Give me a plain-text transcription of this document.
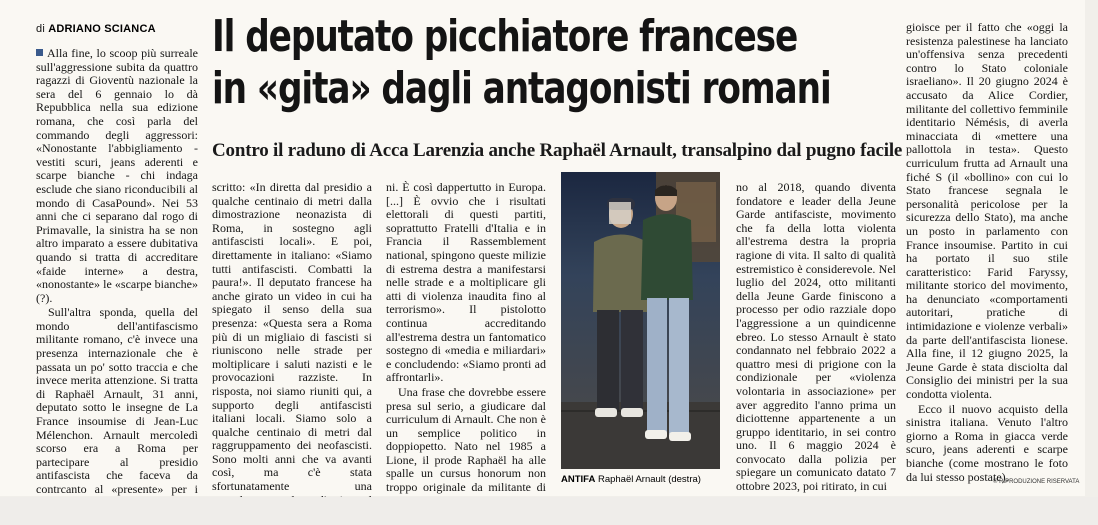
di ADRIANO SCIANCA Il deputato picchiatore francese
in «gita» dagli antagonisti romani
Contro il raduno di Acca Larenzia anche Raphaël Arnault, transalpino dal pugno facile

Alla fine, lo scoop più surreale sull'aggressione subita da quattro ragazzi di Gioventù nazionale la sera del 6 gennaio lo dà Repubblica nella sua edizione romana, che così parla del commando degli aggressori: «Nonostante l'abbigliamento - vestiti scuri, jeans aderenti e scarpe bianche - chi indaga esclude che siano riconducibili al mondo di CasaPound». Nei 53 anni che ci separano dal rogo di Primavalle, la sinistra ha se non altro imparato a essere dubitativa quando si tratta di accreditare «faide interne» a destra, «nonostante» le «scarpe bianche» (?).

Sull'altra sponda, quella del mondo dell'antifascismo militante romano, c'è invece una presenza internazionale che è passata un po' sotto traccia e che invece merita attenzione. Si tratta di Raphaël Arnault, 31 anni, deputato sotto le insegne de La France insoumise di Jean-Luc Mélenchon. Arnault mercoledì scorso era a Roma per partecipare al presidio antifascista che faceva da contrcanto al «presente» per i

scritto: «In diretta dal presidio a qualche centinaio di metri dalla dimostrazione neonazista di Roma, in sostegno agli antifascisti locali». E poi, direttamente in italiano: «Siamo tutti antifascisti. Combatti la paura!». Il deputato francese ha anche girato un video in cui ha spiegato il senso della sua presenza: «Questa sera a Roma più di un migliaio di fascisti si riuniscono nelle strade per moltiplicare i saluti nazisti e le provocazioni razziste. In risposta, noi siamo riuniti qui, a supporto degli antifascisti italiani locali. Siamo solo a qualche centinaio di metri dal raggruppamento dei neofascisti. Sono molti anni che va avanti così, ma c'è stata sfortunatamente una

ni. È così dappertutto in Europa. [...] È ovvio che i risultati elettorali di questi partiti, soprattutto Fratelli d'Italia e in Francia il Rassemblement national, spingono queste milizie di estrema destra a manifestarsi nelle strade e a moltiplicare gli atti di violenza inaudita fino al terrorismo». Il pistolotto continua accreditando all'estrema destra un fantomatico sostegno di «media e miliardari» e concludendo: «Siamo pronti ad affrontarli».

Una frase che dovrebbe essere presa sul serio, a giudicare dal curriculum di Arnault. Che non è un semplice politico in doppiopetto. Nato nel 1985 a Lione, il prode Raphaël ha alle spalle un cursus honorum non troppo originale da militante di

ANTIFA Raphaël Arnault (destra)

no al 2018, quando diventa fondatore e leader della Jeune Garde antifasciste, movimento che fa della lotta violenta all'estrema destra la propria ragione di vita. Il salto di qualità estremistico è considerevole. Nel luglio del 2024, otto militanti della Jeune Garde finiscono a processo per odio razziale dopo l'aggressione a un quindicenne ebreo. Lo stesso Arnault è stato condannato nel febbraio 2022 a quattro mesi di prigione con la condizionale per «violenza volontaria in associazione» per aver aggredito l'anno prima un diciottenne appartenente a un gruppo identitario, in sei contro uno. Il 6 maggio 2024 è convocato dalla polizia per spiegare un comunicato datato 7 ottobre 2023, poi ritirato, in cui

gioisce per il fatto che «oggi la resistenza palestinese ha lanciato un'offensiva senza precedenti contro lo Stato coloniale israeliano». Il 20 giugno 2024 è accusato da Alice Cordier, militante del collettivo femminile identitario Némésis, di averla minacciata di «mettere una pallottola in testa». Questo curriculum frutta ad Arnault una fiché S (il «bollino» con cui lo Stato francese segnala le personalità pericolose per la sicurezza dello Stato), ma anche un posto in parlamento con France insoumise. Partito in cui ha portato il suo stile caratteristico: Farid Faryssy, militante storico del movimento, ha denunciato «comportamenti autoritari, pratiche di intimidazione e violenze verbali» da parte dell'antifascista lionese. Alla fine, il 12 giugno 2025, la Jeune Garde è stata disciolta dal Consiglio dei ministri per la sua condotta violenta.

Ecco il nuovo acquisto della sinistra italiana. Venuto l'altro giorno a Roma in giacca verde scuro, jeans aderenti e scarpe bianche (come mostrano le foto da lui stesso postate).

® RIPRODUZIONE RISERVATA
